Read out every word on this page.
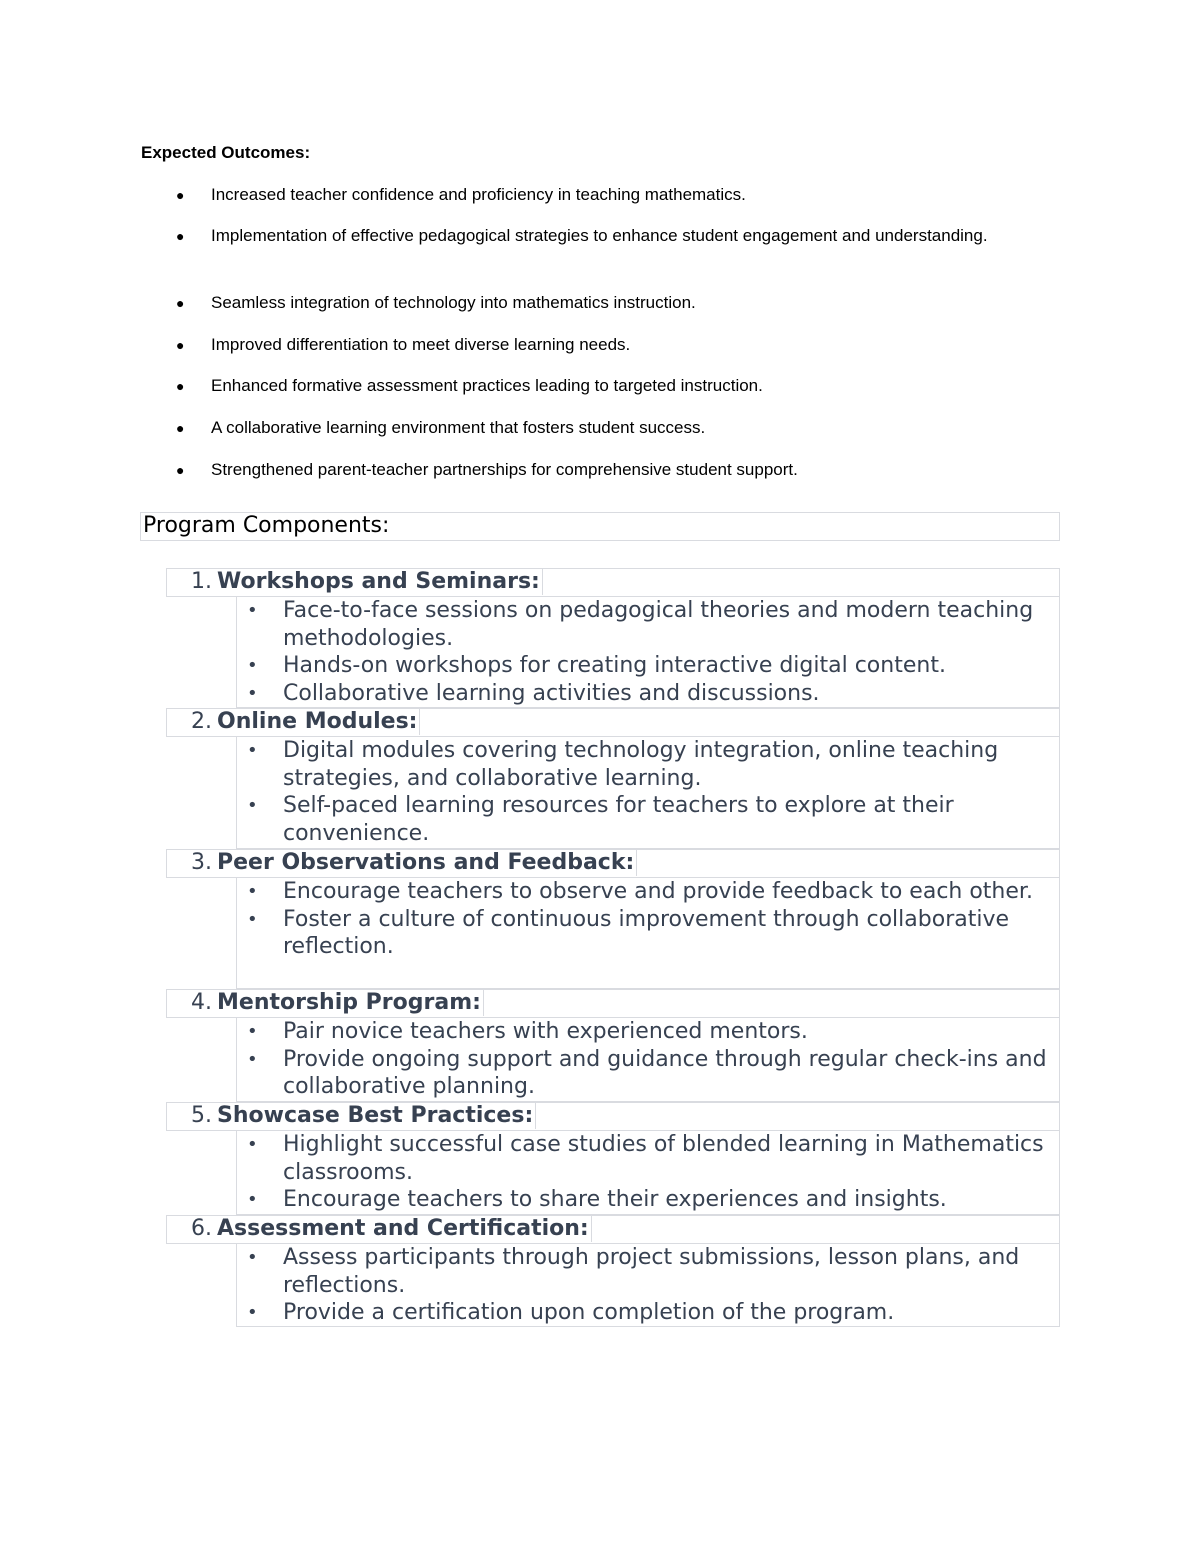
Expected Outcomes:
● Increased teacher confidence and proficiency in teaching mathematics.
● Implementation of effective pedagogical strategies to enhance student engagement and understanding.
● Seamless integration of technology into mathematics instruction.
● Improved differentiation to meet diverse learning needs.
● Enhanced formative assessment practices leading to targeted instruction.
● A collaborative learning environment that fosters student success.
● Strengthened parent-teacher partnerships for comprehensive student support.
Program Components:
1. Workshops and Seminars:
• Face-to-face sessions on pedagogical theories and modern teaching methodologies.
• Hands-on workshops for creating interactive digital content.
• Collaborative learning activities and discussions.
2. Online Modules:
• Digital modules covering technology integration, online teaching strategies, and collaborative learning.
• Self-paced learning resources for teachers to explore at their convenience.
3. Peer Observations and Feedback:
• Encourage teachers to observe and provide feedback to each other.
• Foster a culture of continuous improvement through collaborative reflection.
4. Mentorship Program:
• Pair novice teachers with experienced mentors.
• Provide ongoing support and guidance through regular check-ins and collaborative planning.
5. Showcase Best Practices:
• Highlight successful case studies of blended learning in Mathematics classrooms.
• Encourage teachers to share their experiences and insights.
6. Assessment and Certification:
• Assess participants through project submissions, lesson plans, and reflections.
• Provide a certification upon completion of the program.
